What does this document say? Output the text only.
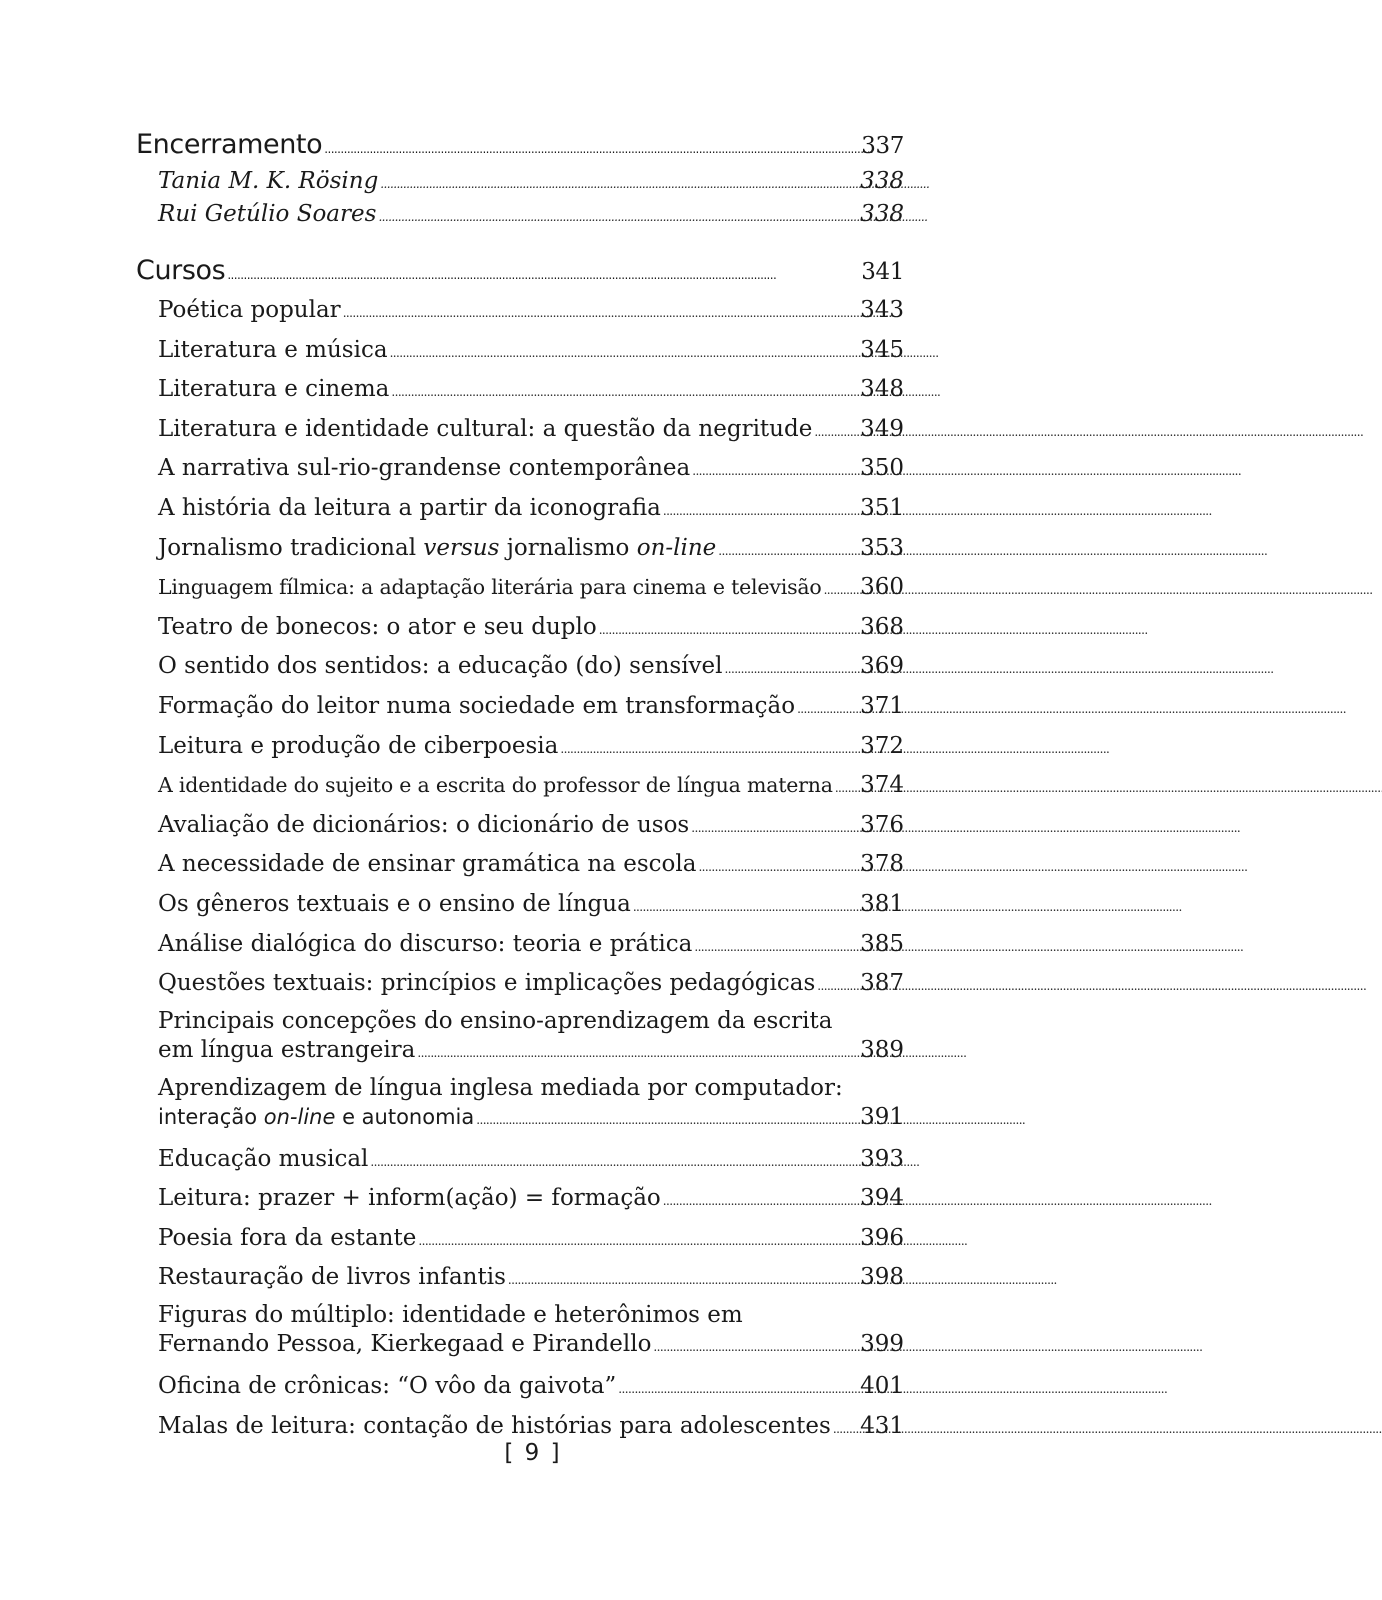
Encerramento . . .	337
Tania M. K. Rösing . . .	338
Rui Getúlio Soares . . .	338
Cursos . . .	341
Poética popular . . .	343
Literatura e música . . .	345
Literatura e cinema . . .	348
Literatura e identidade cultural: a questão da negritude . . . 349
A narrativa sul-rio-grandense contemporânea . . .	350
A história da leitura a partir da iconografia . . .	351
Jornalismo tradicional versus jornalismo on-line . . .	353
Linguagem fílmica: a adaptação literária para cinema e televisão . . . 360
Teatro de bonecos: o ator e seu duplo . . .	368
O sentido dos sentidos: a educação (do) sensível . . .	369
Formação do leitor numa sociedade em transformação . . .	371
Leitura e produção de ciberpoesia . . .	372
A identidade do sujeito e a escrita do professor de língua materna . . . 374
Avaliação de dicionários: o dicionário de usos . . .	376
A necessidade de ensinar gramática na escola . . .	378
Os gêneros textuais e o ensino de língua . . .	381
Análise dialógica do discurso: teoria e prática . . .	385
Questões textuais: princípios e implicações pedagógicas . . . 387
Principais concepções do ensino-aprendizagem da escrita
em língua estrangeira . . .	389
Aprendizagem de língua inglesa mediada por computador:
interação on-line e autonomia . . .	391
Educação musical . . .	393
Leitura: prazer + inform(ação) = formação . . .	394
Poesia fora da estante . . .	396
Restauração de livros infantis . . .	398
Figuras do múltiplo: identidade e heterônimos em
Fernando Pessoa, Kierkegaad e Pirandello . . .	399
Oficina de crônicas: “O vôo da gaivota” . . .	401
Malas de leitura: contação de histórias para adolescentes . . . 431
[ 9 ]
